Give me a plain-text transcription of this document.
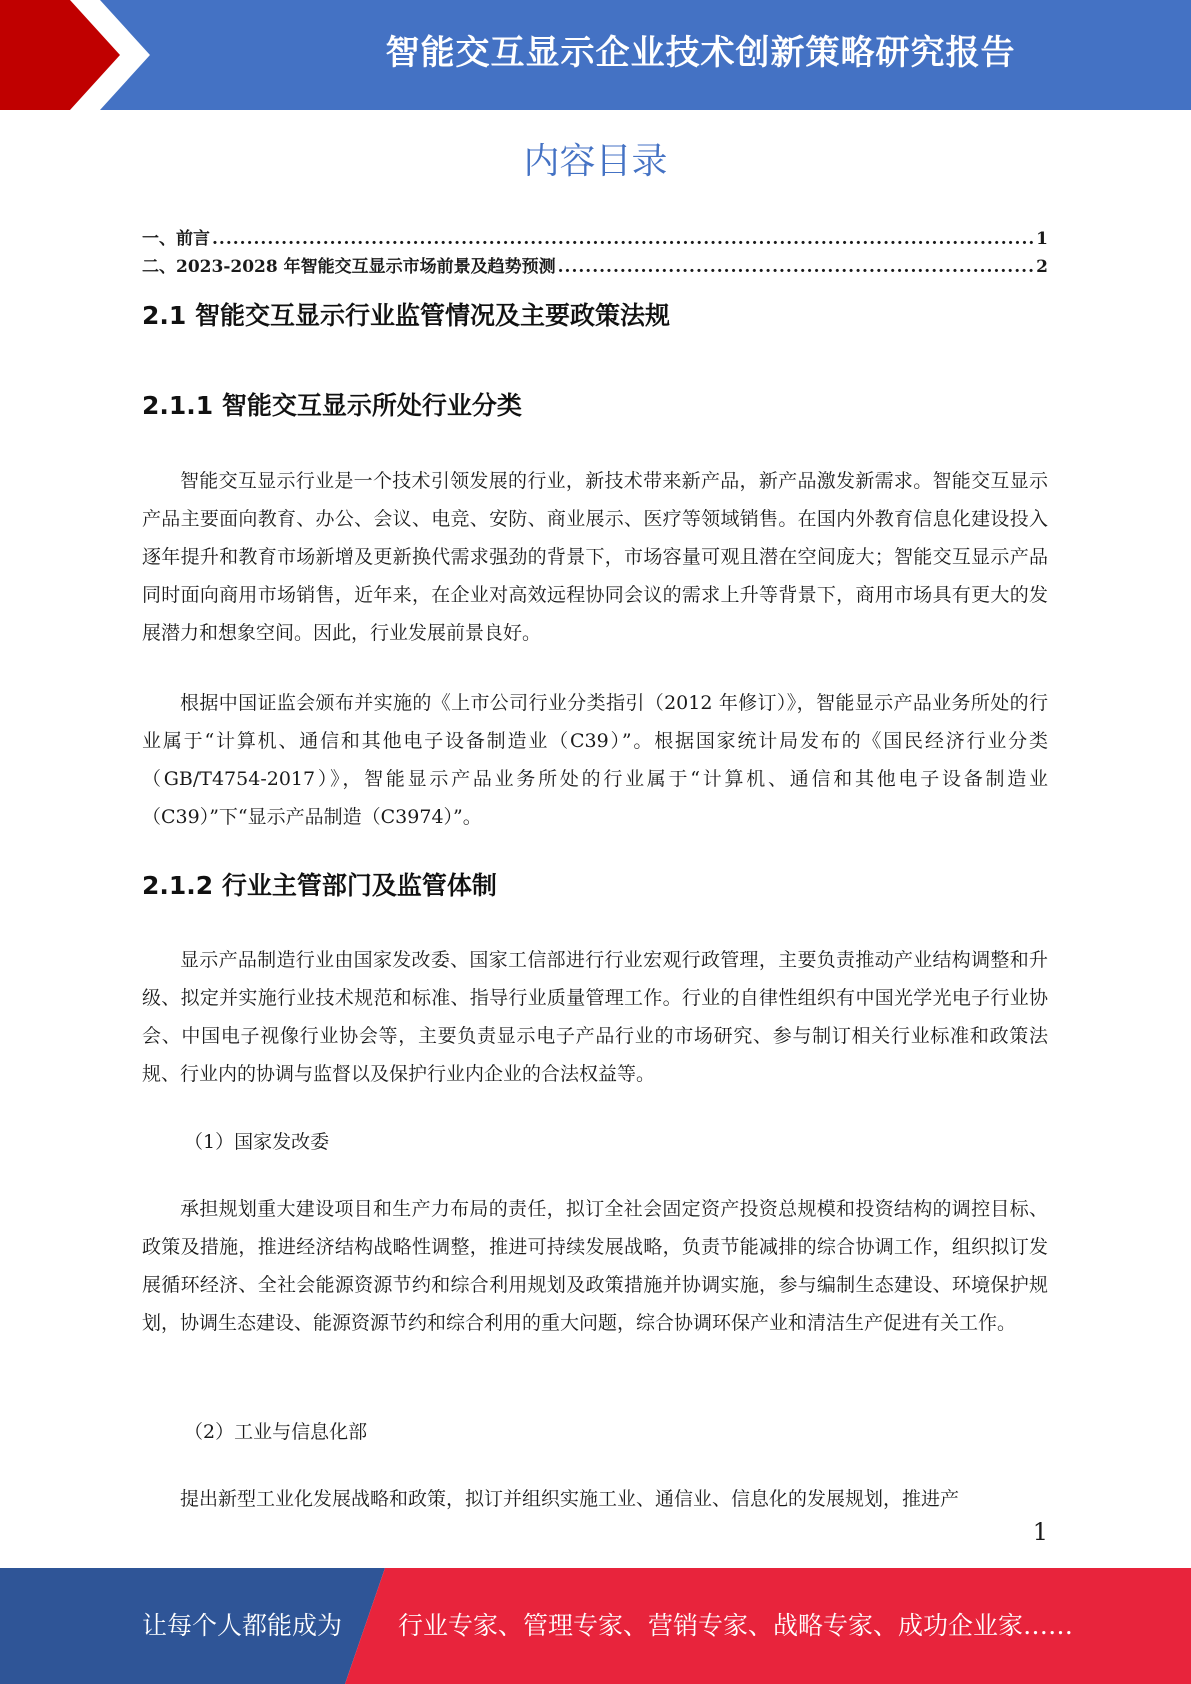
智能交互显示企业技术创新策略研究报告
内容目录
一、前言 .....	1
二、2023-2028 年智能交互显示市场前景及趋势预测 .....	2
2.1 智能交互显示行业监管情况及主要政策法规
2.1.1 智能交互显示所处行业分类

智能交互显示行业是一个技术引领发展的行业，新技术带来新产品，新产品激发新需求。智能交互显示产品主要面向教育、办公、会议、电竞、安防、商业展示、医疗等领域销售。在国内外教育信息化建设投入逐年提升和教育市场新增及更新换代需求强劲的背景下，市场容量可观且潜在空间庞大；智能交互显示产品同时面向商用市场销售，近年来，在企业对高效远程协同会议的需求上升等背景下，商用市场具有更大的发展潜力和想象空间。因此，行业发展前景良好。

根据中国证监会颁布并实施的《上市公司行业分类指引（2012 年修订）》，智能显示产品业务所处的行业属于“计算机、通信和其他电子设备制造业（C39）”。根据国家统计局发布的《国民经济行业分类（GB/T4754-2017）》，智能显示产品业务所处的行业属于“计算机、通信和其他电子设备制造业（C39）”下“显示产品制造（C3974）”。

2.1.2 行业主管部门及监管体制

显示产品制造行业由国家发改委、国家工信部进行行业宏观行政管理，主要负责推动产业结构调整和升级、拟定并实施行业技术规范和标准、指导行业质量管理工作。行业的自律性组织有中国光学光电子行业协会、中国电子视像行业协会等，主要负责显示电子产品行业的市场研究、参与制订相关行业标准和政策法规、行业内的协调与监督以及保护行业内企业的合法权益等。

（1）国家发改委

承担规划重大建设项目和生产力布局的责任，拟订全社会固定资产投资总规模和投资结构的调控目标、政策及措施，推进经济结构战略性调整，推进可持续发展战略，负责节能减排的综合协调工作，组织拟订发展循环经济、全社会能源资源节约和综合利用规划及政策措施并协调实施，参与编制生态建设、环境保护规划，协调生态建设、能源资源节约和综合利用的重大问题，综合协调环保产业和清洁生产促进有关工作。

（2）工业与信息化部

提出新型工业化发展战略和政策，拟订并组织实施工业、通信业、信息化的发展规划，推进产

1
让每个人都能成为 行业专家、管理专家、营销专家、战略专家、成功企业家……
